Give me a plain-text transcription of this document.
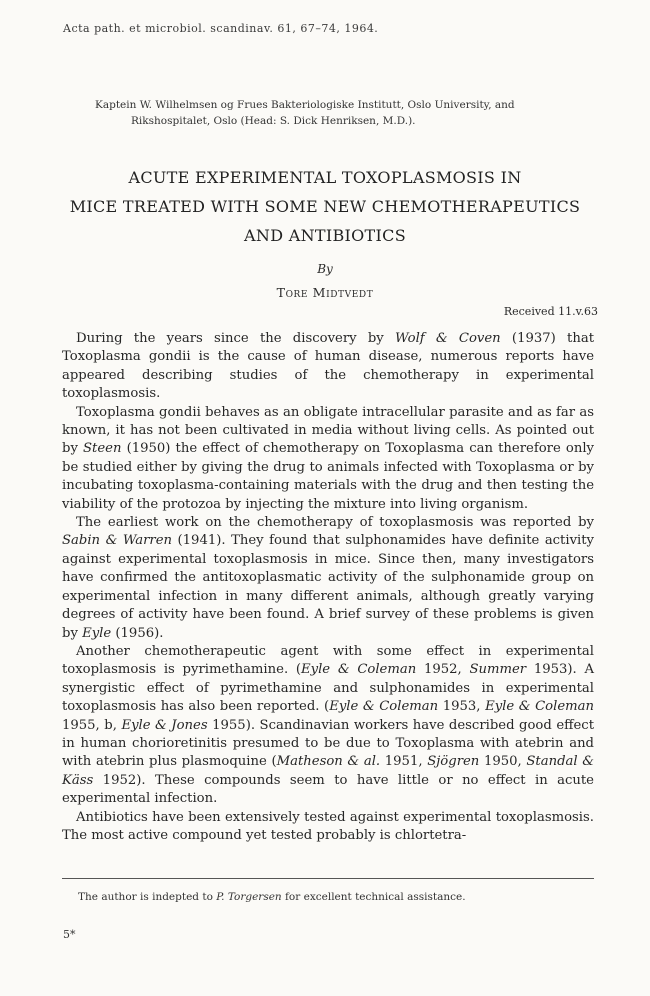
Acta path. et microbiol. scandinav. 61, 67–74, 1964.
Kaptein W. Wilhelmsen og Frues Bakteriologiske Institutt, Oslo University, and
Rikshospitalet, Oslo (Head: S. Dick Henriksen, M.D.).
ACUTE EXPERIMENTAL TOXOPLASMOSIS IN
MICE TREATED WITH SOME NEW CHEMOTHERAPEUTICS
AND ANTIBIOTICS
By
Tore Midtvedt
Received 11.v.63

During the years since the discovery by Wolf & Coven (1937) that Toxoplasma gondii is the cause of human disease, numerous reports have appeared describing studies of the chemotherapy in experimental toxoplasmosis.

Toxoplasma gondii behaves as an obligate intracellular parasite and as far as known, it has not been cultivated in media without living cells. As pointed out by Steen (1950) the effect of chemotherapy on Toxoplasma can therefore only be studied either by giving the drug to animals infected with Toxoplasma or by incubating toxoplasma-containing materials with the drug and then testing the viability of the protozoa by injecting the mixture into living organism.

The earliest work on the chemotherapy of toxoplasmosis was reported by Sabin & Warren (1941). They found that sulphonamides have definite activity against experimental toxoplasmosis in mice. Since then, many investigators have confirmed the antitoxoplasmatic activity of the sulphonamide group on experimental infection in many different animals, although greatly varying degrees of activity have been found. A brief survey of these problems is given by Eyle (1956).

Another chemotherapeutic agent with some effect in experimental toxoplasmosis is pyrimethamine. (Eyle & Coleman 1952, Summer 1953). A synergistic effect of pyrimethamine and sulphonamides in experimental toxoplasmosis has also been reported. (Eyle & Coleman 1953, Eyle & Coleman 1955, b, Eyle & Jones 1955). Scandinavian workers have described good effect in human chorioretinitis presumed to be due to Toxoplasma with atebrin and with atebrin plus plasmoquine (Matheson & al. 1951, Sjögren 1950, Standal & Käss 1952). These compounds seem to have little or no effect in acute experimental infection.

Antibiotics have been extensively tested against experimental toxoplasmosis. The most active compound yet tested probably is chlortetra-

The author is indepted to P. Torgersen for excellent technical assistance.
5*
